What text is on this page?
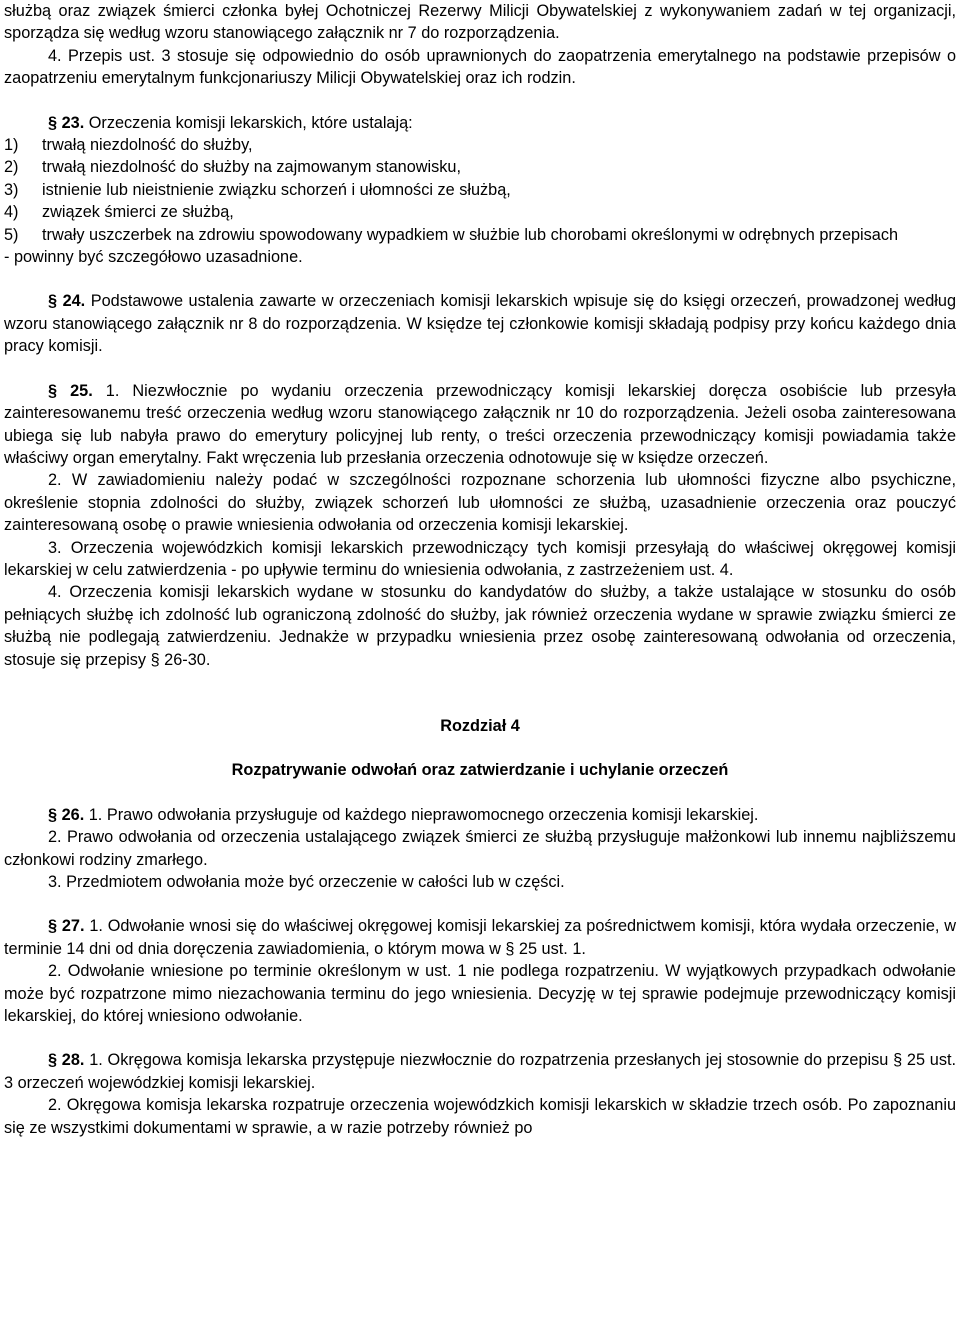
służbą oraz związek śmierci członka byłej Ochotniczej Rezerwy Milicji Obywatelskiej z wykonywaniem zadań w tej organizacji, sporządza się według wzoru stanowiącego załącznik nr 7 do rozporządzenia.

4. Przepis ust. 3 stosuje się odpowiednio do osób uprawnionych do zaopatrzenia emerytalnego na podstawie przepisów o zaopatrzeniu emerytalnym funkcjonariuszy Milicji Obywatelskiej oraz ich rodzin.

§ 23. Orzeczenia komisji lekarskich, które ustalają:

1) trwałą niezdolność do służby,

2) trwałą niezdolność do służby na zajmowanym stanowisku,

3) istnienie lub nieistnienie związku schorzeń i ułomności ze służbą,

4) związek śmierci ze służbą,

5) trwały uszczerbek na zdrowiu spowodowany wypadkiem w służbie lub chorobami określonymi w odrębnych przepisach

- powinny być szczegółowo uzasadnione.

§ 24. Podstawowe ustalenia zawarte w orzeczeniach komisji lekarskich wpisuje się do księgi orzeczeń, prowadzonej według wzoru stanowiącego załącznik nr 8 do rozporządzenia. W księdze tej członkowie komisji składają podpisy przy końcu każdego dnia pracy komisji.

§ 25. 1. Niezwłocznie po wydaniu orzeczenia przewodniczący komisji lekarskiej doręcza osobiście lub przesyła zainteresowanemu treść orzeczenia według wzoru stanowiącego załącznik nr 10 do rozporządzenia. Jeżeli osoba zainteresowana ubiega się lub nabyła prawo do emerytury policyjnej lub renty, o treści orzeczenia przewodniczący komisji powiadamia także właściwy organ emerytalny. Fakt wręczenia lub przesłania orzeczenia odnotowuje się w księdze orzeczeń.

2. W zawiadomieniu należy podać w szczególności rozpoznane schorzenia lub ułomności fizyczne albo psychiczne, określenie stopnia zdolności do służby, związek schorzeń lub ułomności ze służbą, uzasadnienie orzeczenia oraz pouczyć zainteresowaną osobę o prawie wniesienia odwołania od orzeczenia komisji lekarskiej.

3. Orzeczenia wojewódzkich komisji lekarskich przewodniczący tych komisji przesyłają do właściwej okręgowej komisji lekarskiej w celu zatwierdzenia - po upływie terminu do wniesienia odwołania, z zastrzeżeniem ust. 4.

4. Orzeczenia komisji lekarskich wydane w stosunku do kandydatów do służby, a także ustalające w stosunku do osób pełniących służbę ich zdolność lub ograniczoną zdolność do służby, jak również orzeczenia wydane w sprawie związku śmierci ze służbą nie podlegają zatwierdzeniu. Jednakże w przypadku wniesienia przez osobę zainteresowaną odwołania od orzeczenia, stosuje się przepisy § 26-30.

Rozdział 4

Rozpatrywanie odwołań oraz zatwierdzanie i uchylanie orzeczeń

§ 26. 1. Prawo odwołania przysługuje od każdego nieprawomocnego orzeczenia komisji lekarskiej.

2. Prawo odwołania od orzeczenia ustalającego związek śmierci ze służbą przysługuje małżonkowi lub innemu najbliższemu członkowi rodziny zmarłego.

3. Przedmiotem odwołania może być orzeczenie w całości lub w części.

§ 27. 1. Odwołanie wnosi się do właściwej okręgowej komisji lekarskiej za pośrednictwem komisji, która wydała orzeczenie, w terminie 14 dni od dnia doręczenia zawiadomienia, o którym mowa w § 25 ust. 1.

2. Odwołanie wniesione po terminie określonym w ust. 1 nie podlega rozpatrzeniu. W wyjątkowych przypadkach odwołanie może być rozpatrzone mimo niezachowania terminu do jego wniesienia. Decyzję w tej sprawie podejmuje przewodniczący komisji lekarskiej, do której wniesiono odwołanie.

§ 28. 1. Okręgowa komisja lekarska przystępuje niezwłocznie do rozpatrzenia przesłanych jej stosownie do przepisu § 25 ust. 3 orzeczeń wojewódzkiej komisji lekarskiej.

2. Okręgowa komisja lekarska rozpatruje orzeczenia wojewódzkich komisji lekarskich w składzie trzech osób. Po zapoznaniu się ze wszystkimi dokumentami w sprawie, a w razie potrzeby również po
